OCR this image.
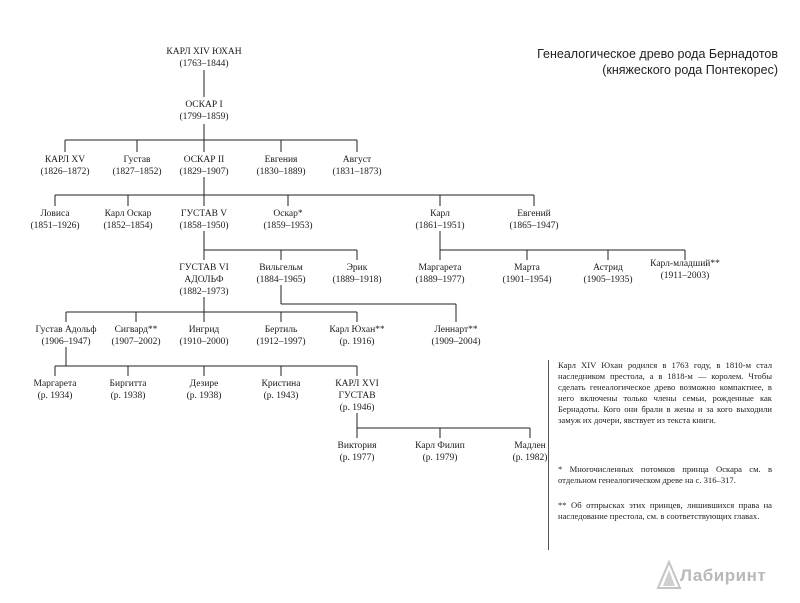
Генеалогическое древо рода Бернадотов
(княжеского рода Понтекорес)
КАРЛ XIV ЮХАН
(1763–1844)
ОСКАР I
(1799–1859)
КАРЛ XV
(1826–1872)
Густав
(1827–1852)
ОСКАР II
(1829–1907)
Евгения
(1830–1889)
Август
(1831–1873)
Ловиса
(1851–1926)
Карл Оскар
(1852–1854)
ГУСТАВ V
(1858–1950)
Оскар*
(1859–1953)
Карл
(1861–1951)
Евгений
(1865–1947)
ГУСТАВ VI
АДОЛЬФ
(1882–1973)
Вильгельм
(1884–1965)
Эрик
(1889–1918)
Маргарета
(1889–1977)
Марта
(1901–1954)
Астрид
(1905–1935)
Карл-младший**
(1911–2003)
Густав Адольф
(1906–1947)
Сигвард**
(1907–2002)
Ингрид
(1910–2000)
Бертиль
(1912–1997)
Карл Юхан**
(р. 1916)
Леннарт**
(1909–2004)
Маргарета
(р. 1934)
Биргитта
(р. 1938)
Дезире
(р. 1938)
Кристина
(р. 1943)
КАРЛ XVI
ГУСТАВ
(р. 1946)
Виктория
(р. 1977)
Карл Филип
(р. 1979)
Мадлен
(р. 1982)
Карл XIV Юхан родился в 1763 году, в 1810-м стал наследником престола, а в 1818-м — королем. Чтобы сделать генеалогическое древо возможно компактнее, в него включены только члены семьи, рожденные как Бернадоты. Кого они брали в жены и за кого выходили замуж их дочери, явствует из текста книги.
* Многочисленных потомков принца Оскара см. в отдельном генеалогическом древе на с. 316–317.
** Об отпрысках этих принцев, лишившихся права на наследование престола, см. в соответствующих главах.
Лабиринт
